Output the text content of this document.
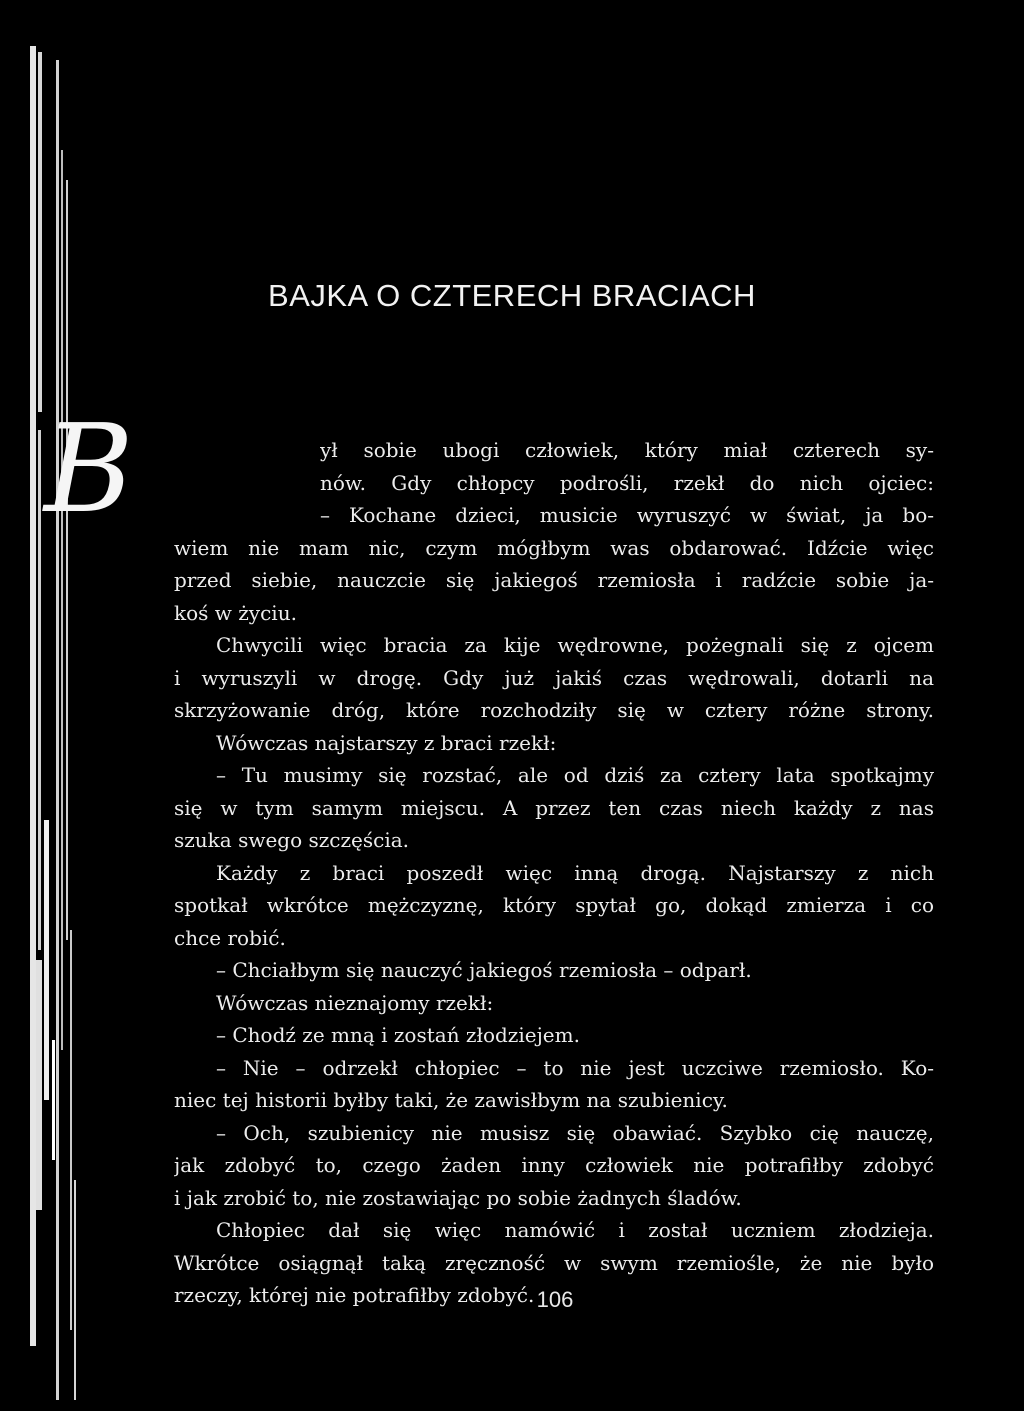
BAJKA O CZTERECH BRACIACH
B	ył sobie ubogi człowiek, który miał czterech sy-
nów. Gdy chłopcy podrośli, rzekł do nich ojciec:
– Kochane dzieci, musicie wyruszyć w świat, ja bo-
wiem nie mam nic, czym mógłbym was obdarować. Idźcie więc
przed siebie, nauczcie się jakiegoś rzemiosła i radźcie sobie ja-
koś w życiu.
Chwycili więc bracia za kije wędrowne, pożegnali się z ojcem
i wyruszyli w drogę. Gdy już jakiś czas wędrowali, dotarli na
skrzyżowanie dróg, które rozchodziły się w cztery różne strony.
Wówczas najstarszy z braci rzekł:
– Tu musimy się rozstać, ale od dziś za cztery lata spotkajmy
się w tym samym miejscu. A przez ten czas niech każdy z nas
szuka swego szczęścia.
Każdy z braci poszedł więc inną drogą. Najstarszy z nich
spotkał wkrótce mężczyznę, który spytał go, dokąd zmierza i co
chce robić.
– Chciałbym się nauczyć jakiegoś rzemiosła – odparł.
Wówczas nieznajomy rzekł:
– Chodź ze mną i zostań złodziejem.
– Nie – odrzekł chłopiec – to nie jest uczciwe rzemiosło. Ko-
niec tej historii byłby taki, że zawisłbym na szubienicy.
– Och, szubienicy nie musisz się obawiać. Szybko cię nauczę,
jak zdobyć to, czego żaden inny człowiek nie potrafiłby zdobyć
i jak zrobić to, nie zostawiając po sobie żadnych śladów.
Chłopiec dał się więc namówić i został uczniem złodzieja.
Wkrótce osiągnął taką zręczność w swym rzemiośle, że nie było
rzeczy, której nie potrafiłby zdobyć. 106
